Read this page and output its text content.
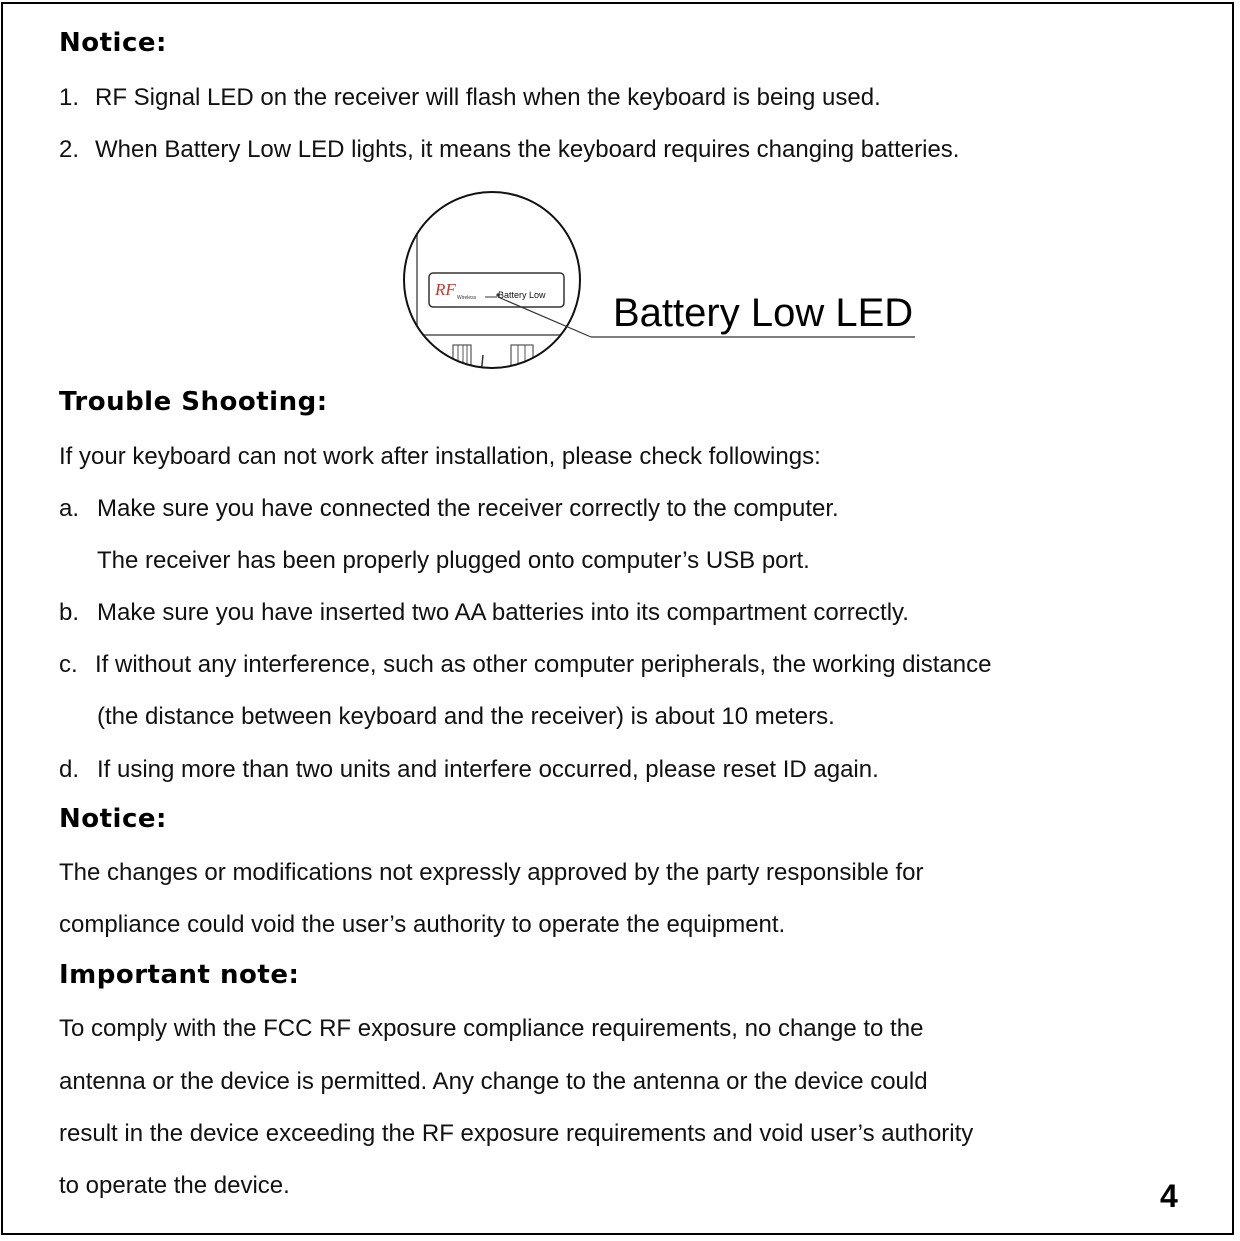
Notice:
1. RF Signal LED on the receiver will flash when the keyboard is being used.
2. When Battery Low LED lights, it means the keyboard requires changing batteries.
RF Wireless Battery Low Battery Low LED
Trouble Shooting:
If your keyboard can not work after installation, please check followings:
a. Make sure you have connected the receiver correctly to the computer.
The receiver has been properly plugged onto computer’s USB port.
b. Make sure you have inserted two AA batteries into its compartment correctly.
c. If without any interference, such as other computer peripherals, the working distance
(the distance between keyboard and the receiver) is about 10 meters.
d. If using more than two units and interfere occurred, please reset ID again.
Notice:
The changes or modifications not expressly approved by the party responsible for
compliance could void the user’s authority to operate the equipment.
Important note:
To comply with the FCC RF exposure compliance requirements, no change to the
antenna or the device is permitted. Any change to the antenna or the device could
result in the device exceeding the RF exposure requirements and void user’s authority
to operate the device.	4
